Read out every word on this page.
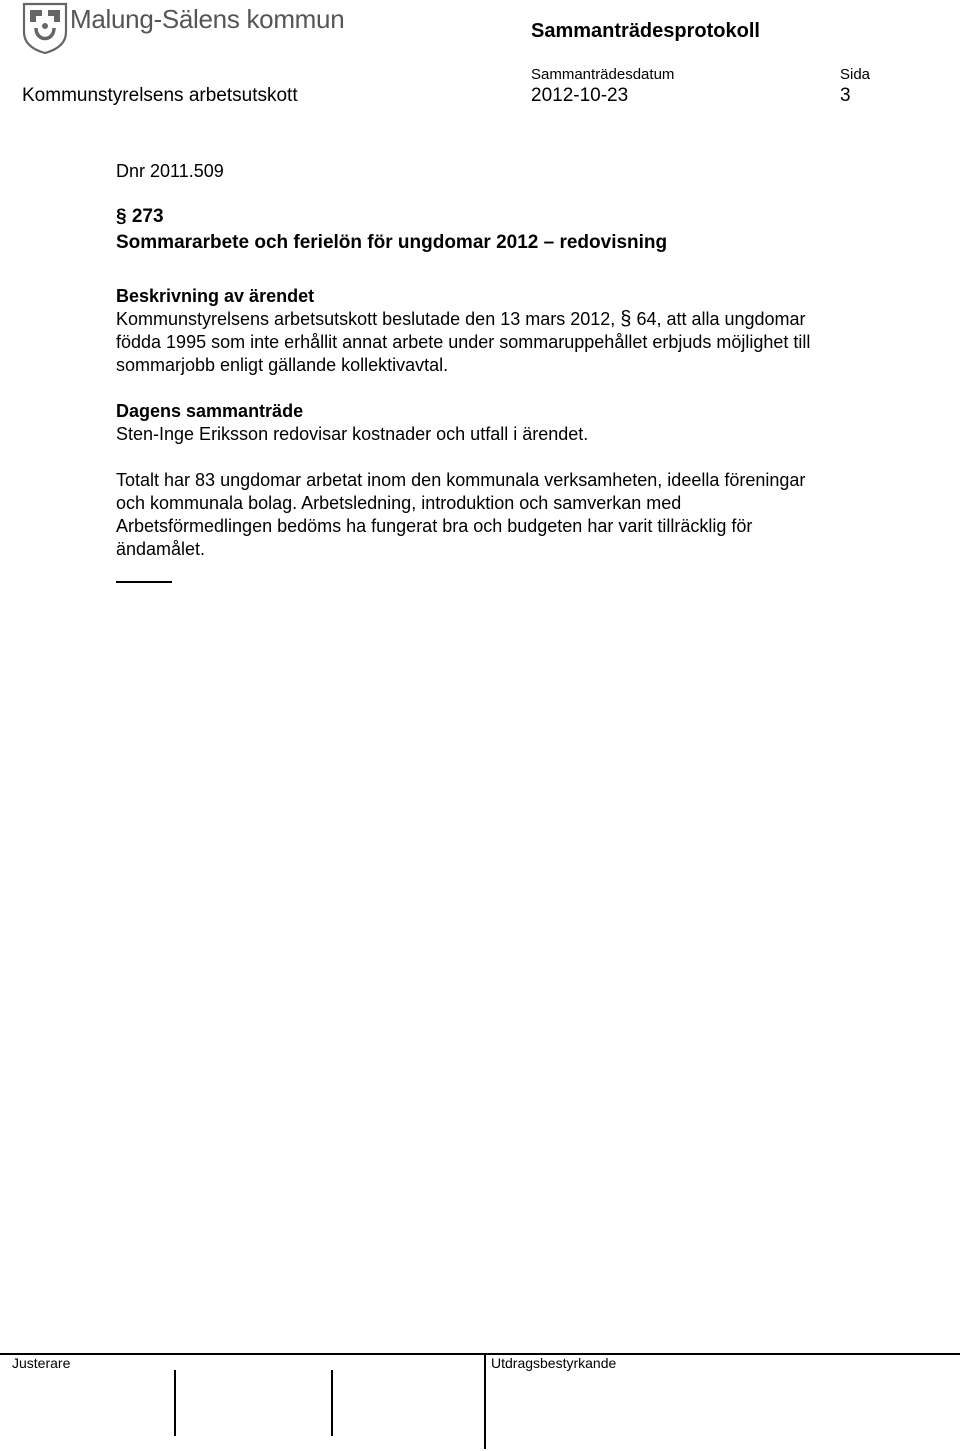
Malung-Sälens kommun	Sammanträdesprotokoll
Sammanträdesdatum	Sida
Kommunstyrelsens arbetsutskott	2012-10-23	3
Dnr 2011.509
§ 273
Sommararbete och ferielön för ungdomar 2012 – redovisning
Beskrivning av ärendet
Kommunstyrelsens arbetsutskott beslutade den 13 mars 2012, § 64, att alla ungdomar
födda 1995 som inte erhållit annat arbete under sommaruppehållet erbjuds möjlighet till
sommarjobb enligt gällande kollektivavtal.
Dagens sammanträde
Sten-Inge Eriksson redovisar kostnader och utfall i ärendet.
Totalt har 83 ungdomar arbetat inom den kommunala verksamheten, ideella föreningar
och kommunala bolag. Arbetsledning, introduktion och samverkan med
Arbetsförmedlingen bedöms ha fungerat bra och budgeten har varit tillräcklig för
ändamålet.
Justerare	Utdragsbestyrkande
